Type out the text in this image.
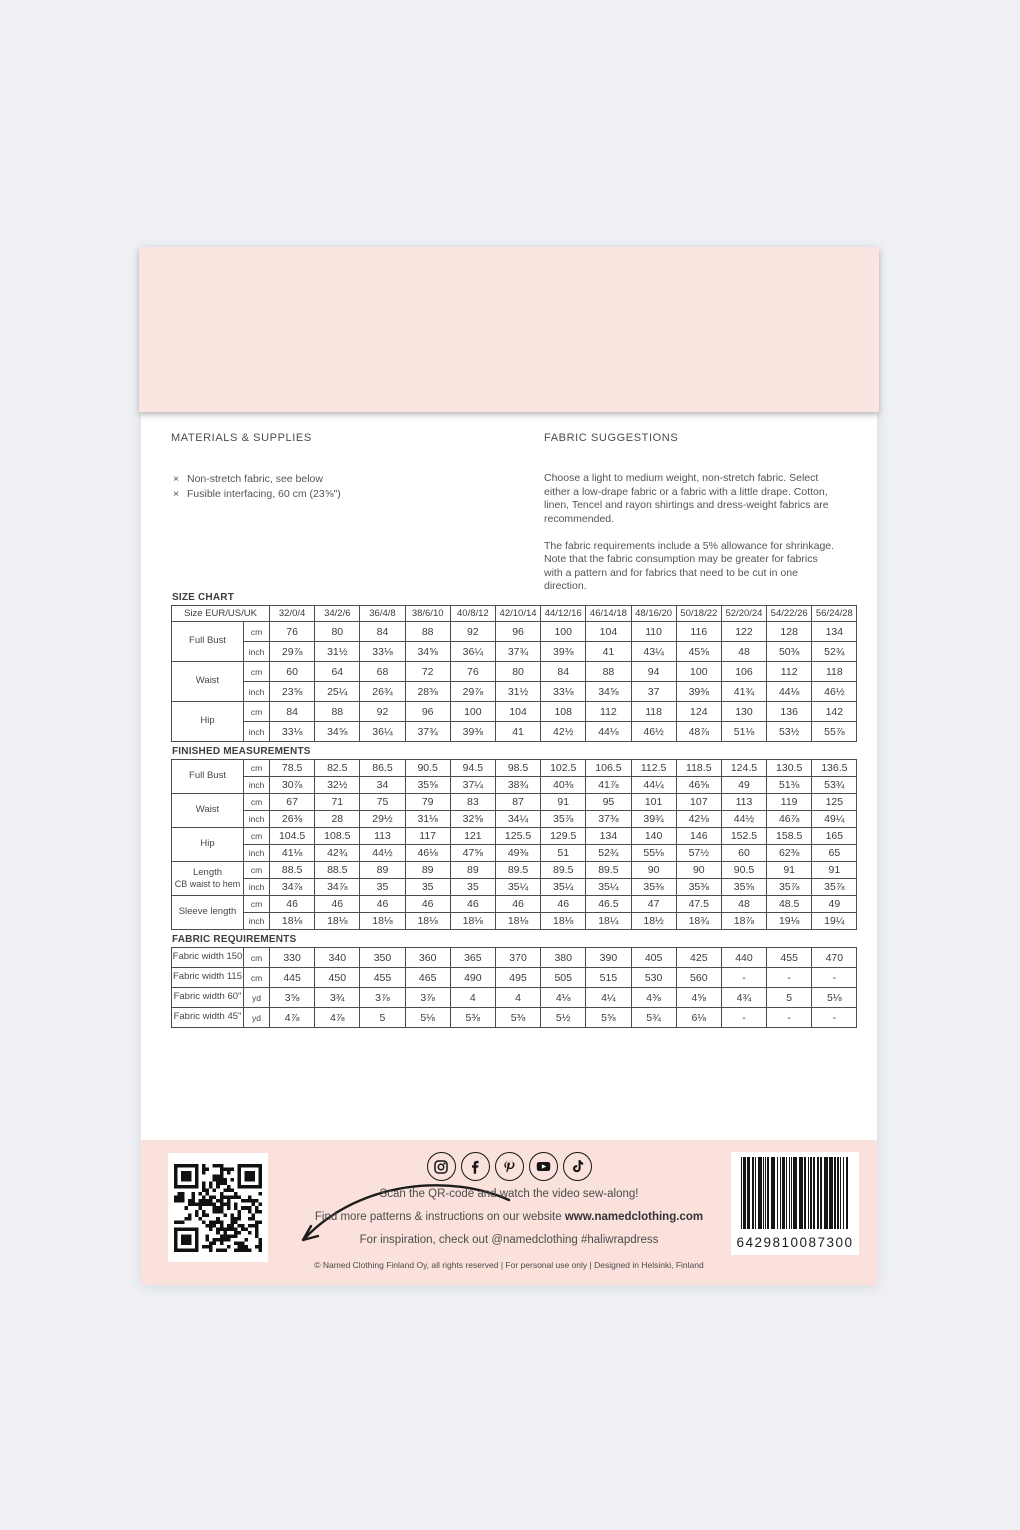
MATERIALS & SUPPLIES
× Non-stretch fabric, see below
× Fusible interfacing, 60 cm (23⅝")
FABRIC SUGGESTIONS

Choose a light to medium weight, non-stretch fabric. Select either a low-drape fabric or a fabric with a little drape. Cotton, linen, Tencel and rayon shirtings and dress-weight fabrics are recommended.

The fabric requirements include a 5% allowance for shrinkage. Note that the fabric consumption may be greater for fabrics with a pattern and for fabrics that need to be cut in one direction.

SIZE CHART
Size EUR/US/UK		32/0/4	34/2/6	36/4/8	38/6/10	40/8/12	42/10/14	44/12/16	46/14/18	48/16/20	50/18/22	52/20/24	54/22/26	56/24/28
Full Bust	cm	76	80	84	88	92	96	100	104	110	116	122	128	134
	inch	29⅞	31½	33⅛	34⅝	36¼	37¾	39⅜	41	43¼	45⅝	48	50⅜	52¾
Waist	cm	60	64	68	72	76	80	84	88	94	100	106	112	118
	inch	23⅝	25¼	26¾	28⅜	29⅞	31½	33⅛	34⅝	37	39⅜	41¾	44⅛	46½
Hip	cm	84	88	92	96	100	104	108	112	118	124	130	136	142
	inch	33⅛	34⅝	36¼	37¾	39⅜	41	42½	44⅛	46½	48⅞	51⅛	53½	55⅞
FINISHED MEASUREMENTS
Full Bust	cm	78.5	82.5	86.5	90.5	94.5	98.5	102.5	106.5	112.5	118.5	124.5	130.5	136.5
	inch	30⅞	32½	34	35⅝	37¼	38¾	40⅜	41⅞	44¼	46⅝	49	51⅜	53¾
Waist	cm	67	71	75	79	83	87	91	95	101	107	113	119	125
	inch	26⅜	28	29½	31⅛	32⅝	34¼	35⅞	37⅜	39¾	42⅛	44½	46⅞	49¼
Hip	cm	104.5	108.5	113	117	121	125.5	129.5	134	140	146	152.5	158.5	165
	inch	41⅛	42¾	44½	46⅛	47⅝	49⅜	51	52¾	55⅛	57½	60	62⅜	65

Length
CB waist to hem	cm	88.5	88.5	89	89	89	89.5	89.5	89.5	90	90	90.5	91	91
	inch	34⅞	34⅞	35	35	35	35¼	35¼	35¼	35⅜	35⅜	35⅝	35⅞	35⅞
Sleeve length	cm	46	46	46	46	46	46	46	46.5	47	47.5	48	48.5	49
	inch	18⅛	18⅛	18⅛	18⅛	18⅛	18⅛	18⅛	18¼	18½	18¾	18⅞	19⅛	19¼
FABRIC REQUIREMENTS
Fabric width 150	cm	330	340	350	360	365	370	380	390	405	425	440	455	470
Fabric width 115	cm	445	450	455	465	490	495	505	515	530	560	-	-	-
Fabric width 60"	yd	3⅝	3¾	3⅞	3⅞	4	4	4⅛	4¼	4⅜	4⅝	4¾	5	5⅛
Fabric width 45"	yd	4⅞	4⅞	5	5⅛	5⅜	5⅜	5½	5⅝	5¾	6⅛	-	-	-
Scan the QR-code and watch the video sew-along!
Find more patterns & instructions on our website www.namedclothing.com
For inspiration, check out @namedclothing #haliwrapdress
© Named Clothing Finland Oy, all rights reserved | For personal use only | Designed in Helsinki, Finland
6429810087300
